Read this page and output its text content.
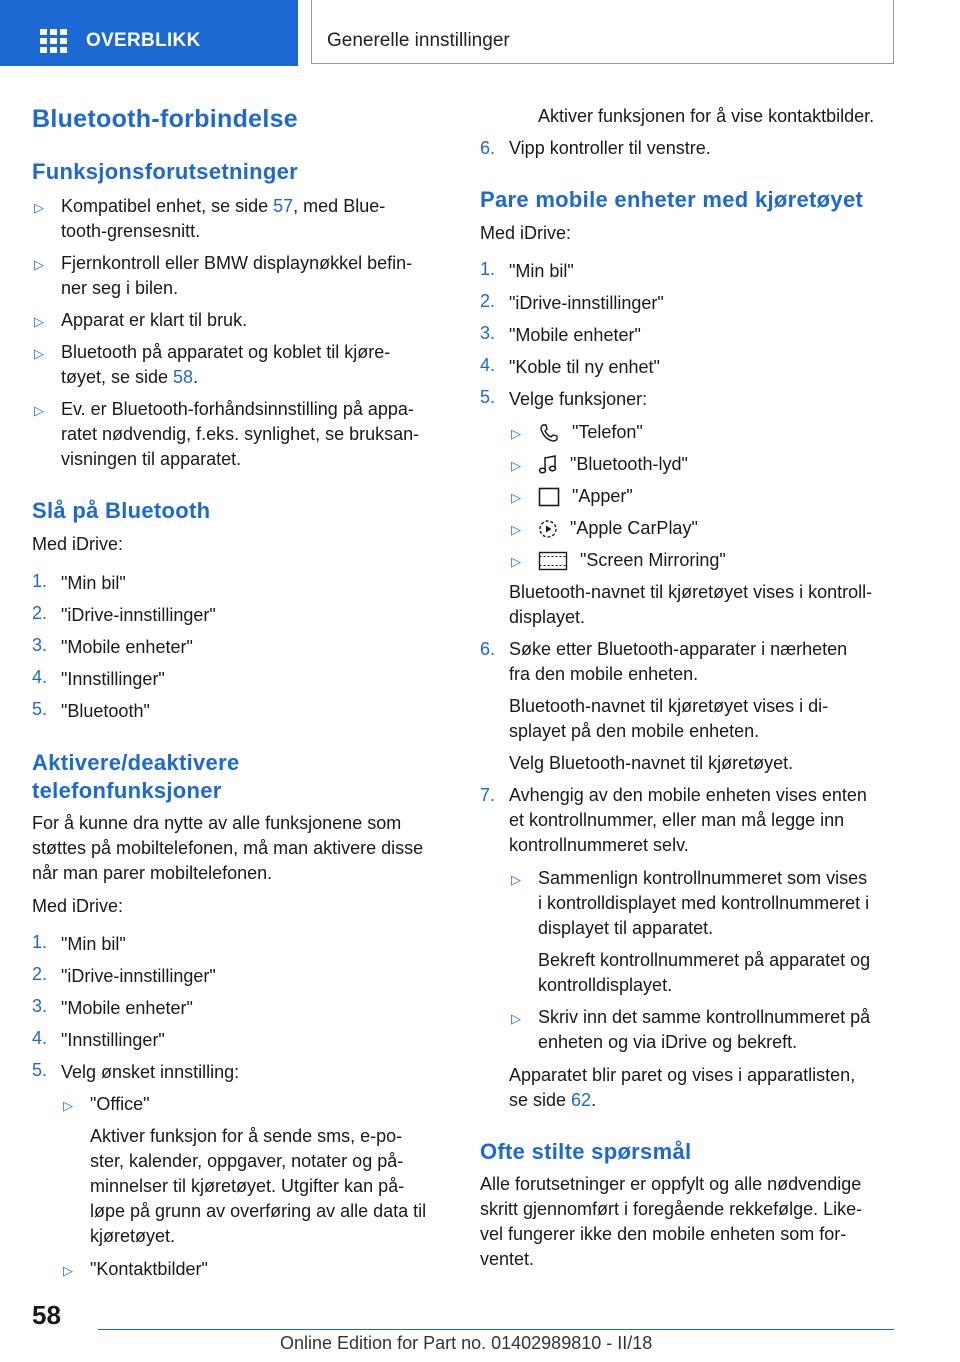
OVERBLIKK	Generelle innstillinger
Bluetooth-forbindelse
Funksjonsforutsetninger
▷ Kompatibel enhet, se side 57, med Blue-
tooth-grensesnitt.
▷ Fjernkontroll eller BMW displaynøkkel befin-
ner seg i bilen.
▷ Apparat er klart til bruk.
▷ Bluetooth på apparatet og koblet til kjøre-
tøyet, se side 58.
▷ Ev. er Bluetooth-forhåndsinnstilling på appa-
ratet nødvendig, f.eks. synlighet, se bruksan-
visningen til apparatet.
Slå på Bluetooth

Med iDrive:

1. "Min bil"
2. "iDrive-innstillinger"
3. "Mobile enheter"
4. "Innstillinger"
5. "Bluetooth"
Aktivere/deaktivere
telefonfunksjoner

For å kunne dra nytte av alle funksjonene som
støttes på mobiltelefonen, må man aktivere disse
når man parer mobiltelefonen.

Med iDrive:

1. "Min bil"
2. "iDrive-innstillinger"
3. "Mobile enheter"
4. "Innstillinger"
5. Velg ønsket innstilling:
▷ "Office"
Aktiver funksjon for å sende sms, e-po-
ster, kalender, oppgaver, notater og på-
minnelser til kjøretøyet. Utgifter kan på-
løpe på grunn av overføring av alle data til
kjøretøyet.
▷ "Kontaktbilder"
Aktiver funksjonen for å vise kontaktbilder.
6. Vipp kontroller til venstre.
Pare mobile enheter med kjøretøyet

Med iDrive:

1. "Min bil"
2. "iDrive-innstillinger"
3. "Mobile enheter"
4. "Koble til ny enhet"
5. Velge funksjoner:
▷	"Telefon"
▷	"Bluetooth-lyd"
▷	"Apper"
▷	"Apple CarPlay"
▷	"Screen Mirroring"
Bluetooth-navnet til kjøretøyet vises i kontroll-
displayet.
6. Søke etter Bluetooth-apparater i nærheten
fra den mobile enheten.
Bluetooth-navnet til kjøretøyet vises i di-
splayet på den mobile enheten.
Velg Bluetooth-navnet til kjøretøyet.
7. Avhengig av den mobile enheten vises enten
et kontrollnummer, eller man må legge inn
kontrollnummeret selv.
▷ Sammenlign kontrollnummeret som vises
i kontrolldisplayet med kontrollnummeret i
displayet til apparatet.
Bekreft kontrollnummeret på apparatet og
kontrolldisplayet.
▷ Skriv inn det samme kontrollnummeret på
enheten og via iDrive og bekreft.
Apparatet blir paret og vises i apparatlisten,
se side 62.
Ofte stilte spørsmål

Alle forutsetninger er oppfylt og alle nødvendige
skritt gjennomført i foregående rekkefølge. Like-
vel fungerer ikke den mobile enheten som for-
ventet.

58
Online Edition for Part no. 01402989810 - II/18
